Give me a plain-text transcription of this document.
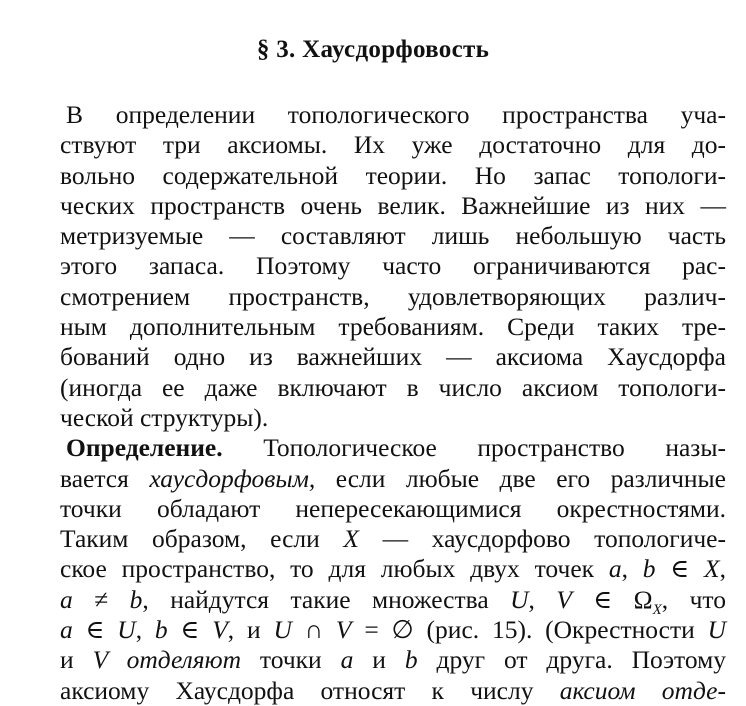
§ 3. Хаусдорфовость
В определении топологического пространства уча-
ствуют три аксиомы. Их уже достаточно для до-
вольно содержательной теории. Но запас топологи-
ческих пространств очень велик. Важнейшие из них —
метризуемые — составляют лишь небольшую часть
этого запаса. Поэтому часто ограничиваются рас-
смотрением пространств, удовлетворяющих различ-
ным дополнительным требованиям. Среди таких тре-
бований одно из важнейших — аксиома Хаусдорфа
(иногда ее даже включают в число аксиом топологи-
ческой структуры).
Определение. Топологическое пространство назы-
вается хаусдорфовым, если любые две его различные
точки обладают непересекающимися окрестностями.
Таким образом, если X — хаусдорфово топологиче-
ское пространство, то для любых двух точек a, b ∈ X,
a ≠ b, найдутся такие множества U, V ∈ $\Omega_X$, что
a ∈ U, b ∈ V, и U ∩ V = ∅ (рис. 15). (Окрестности U
и V отделяют точки a и b друг от друга. Поэтому
аксиому Хаусдорфа относят к числу аксиом отде-
